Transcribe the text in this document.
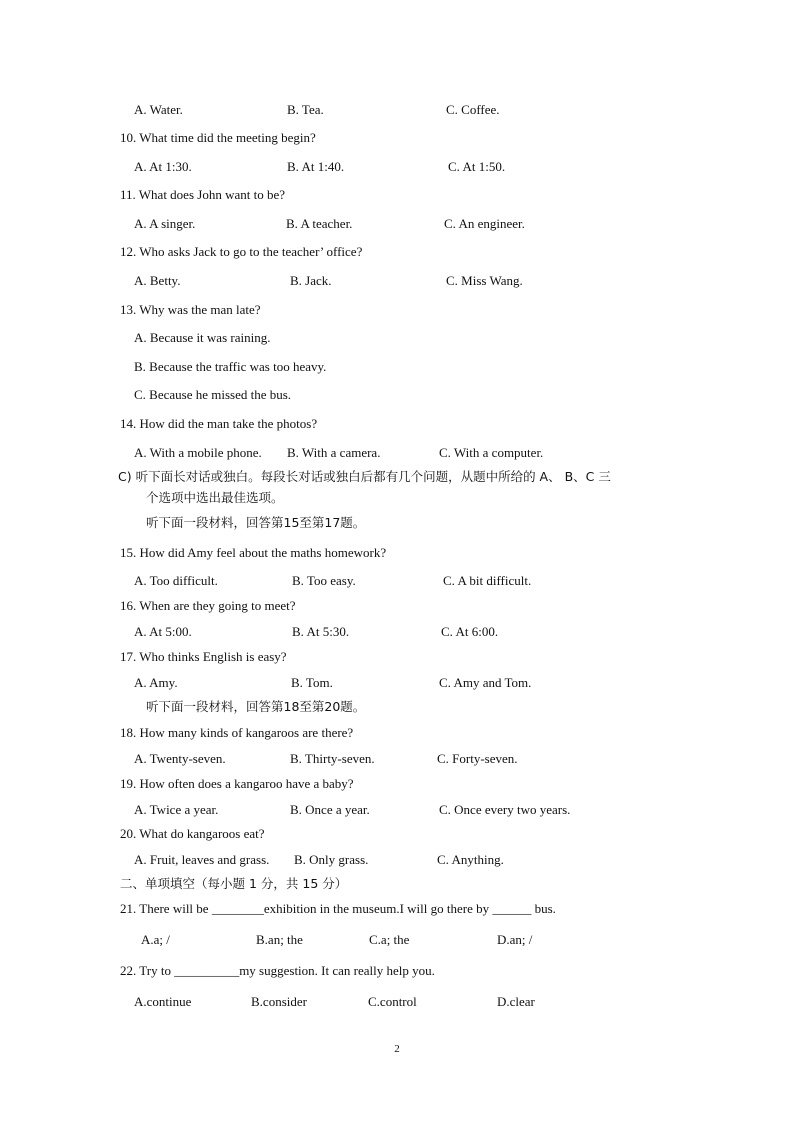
A. Water.	B. Tea.	C. Coffee.
10. What time did the meeting begin?
A. At 1:30.	B. At 1:40.	C. At 1:50.
11. What does John want to be?
A. A singer.	B. A teacher.	C. An engineer.
12. Who asks Jack to go to the teacher’ office?
A. Betty.	B. Jack.	C. Miss Wang.
13. Why was the man late?
A. Because it was raining.
B. Because the traffic was too heavy.
C. Because he missed the bus.
14. How did the man take the photos?
A. With a mobile phone. B. With a camera.	C. With a computer.
C) 听下面长对话或独白。每段长对话或独白后都有几个问题，从题中所给的 A、 B、C 三
个选项中选出最佳选项。
听下面一段材料，回答第15至第17题。
15. How did Amy feel about the maths homework?
A. Too difficult.	B. Too easy.	C. A bit difficult.
16. When are they going to meet?
A. At 5:00.	B. At 5:30.	C. At 6:00.
17. Who thinks English is easy?
A. Amy.	B. Tom.	C. Amy and Tom.
听下面一段材料，回答第18至第20题。
18. How many kinds of kangaroos are there?
A. Twenty-seven.	B. Thirty-seven.	C. Forty-seven.
19. How often does a kangaroo have a baby?
A. Twice a year.	B. Once a year.	C. Once every two years.
20. What do kangaroos eat?
A. Fruit, leaves and grass. B. Only grass.	C. Anything.
二、单项填空（每小题 1 分，共 15 分）
21. There will be ________exhibition in the museum.I will go there by ______ bus.
A.a; /	B.an; the	C.a; the	D.an; /
22. Try to __________my suggestion. It can really help you.
A.continue	B.consider	C.control	D.clear
2
